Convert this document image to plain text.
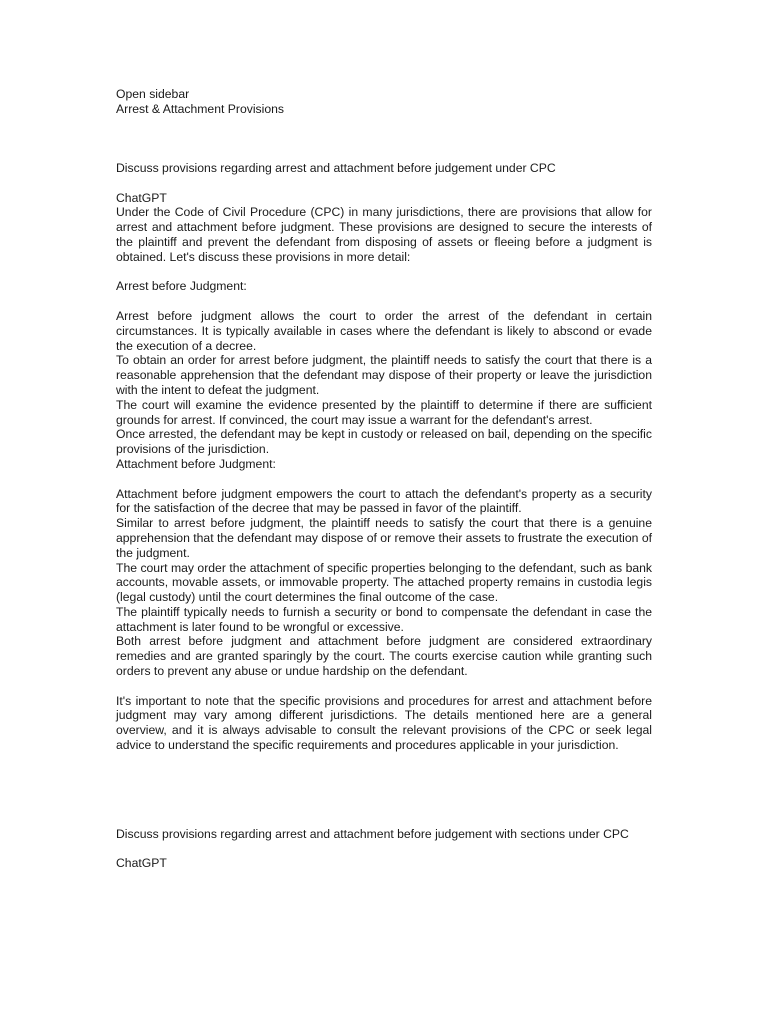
Open sidebar
Arrest & Attachment Provisions

Discuss provisions regarding arrest and attachment before judgement under CPC

ChatGPT

Under the Code of Civil Procedure (CPC) in many jurisdictions, there are provisions that allow for arrest and attachment before judgment. These provisions are designed to secure the interests of the plaintiff and prevent the defendant from disposing of assets or fleeing before a judgment is obtained. Let's discuss these provisions in more detail:

Arrest before Judgment:

Arrest before judgment allows the court to order the arrest of the defendant in certain circumstances. It is typically available in cases where the defendant is likely to abscond or evade the execution of a decree.

To obtain an order for arrest before judgment, the plaintiff needs to satisfy the court that there is a reasonable apprehension that the defendant may dispose of their property or leave the jurisdiction with the intent to defeat the judgment.

The court will examine the evidence presented by the plaintiff to determine if there are sufficient grounds for arrest. If convinced, the court may issue a warrant for the defendant's arrest.

Once arrested, the defendant may be kept in custody or released on bail, depending on the specific provisions of the jurisdiction.

Attachment before Judgment:

Attachment before judgment empowers the court to attach the defendant's property as a security for the satisfaction of the decree that may be passed in favor of the plaintiff.

Similar to arrest before judgment, the plaintiff needs to satisfy the court that there is a genuine apprehension that the defendant may dispose of or remove their assets to frustrate the execution of the judgment.

The court may order the attachment of specific properties belonging to the defendant, such as bank accounts, movable assets, or immovable property. The attached property remains in custodia legis (legal custody) until the court determines the final outcome of the case.

The plaintiff typically needs to furnish a security or bond to compensate the defendant in case the attachment is later found to be wrongful or excessive.

Both arrest before judgment and attachment before judgment are considered extraordinary remedies and are granted sparingly by the court. The courts exercise caution while granting such orders to prevent any abuse or undue hardship on the defendant.

It's important to note that the specific provisions and procedures for arrest and attachment before judgment may vary among different jurisdictions. The details mentioned here are a general overview, and it is always advisable to consult the relevant provisions of the CPC or seek legal advice to understand the specific requirements and procedures applicable in your jurisdiction.

Discuss provisions regarding arrest and attachment before judgement with sections under CPC

ChatGPT
